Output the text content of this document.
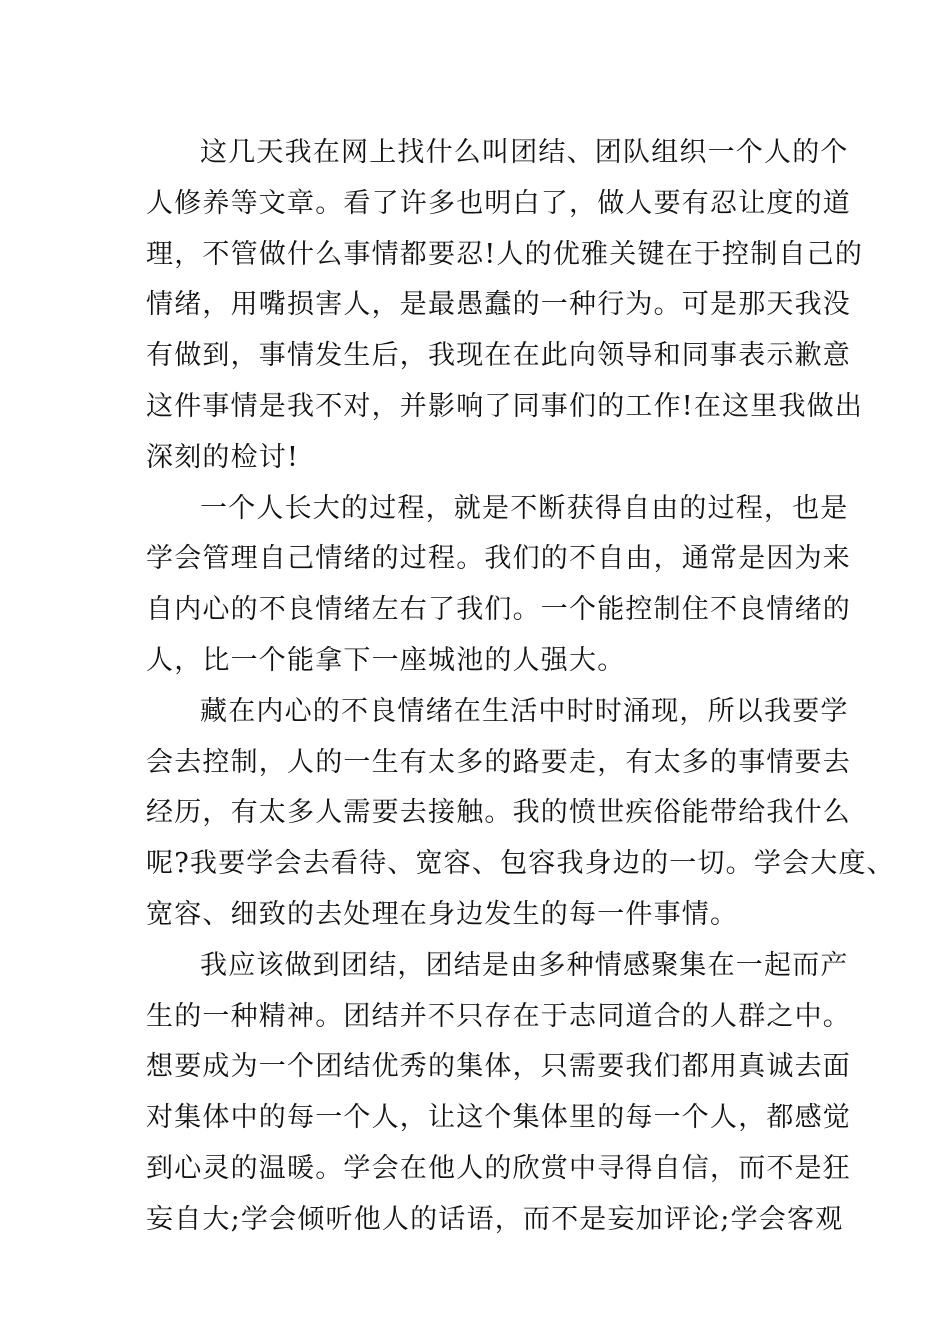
这几天我在网上找什么叫团结、团队组织一个人的个
人修养等文章。看了许多也明白了，做人要有忍让度的道
理，不管做什么事情都要忍!人的优雅关键在于控制自己的
情绪，用嘴损害人，是最愚蠢的一种行为。可是那天我没
有做到，事情发生后，我现在在此向领导和同事表示歉意
这件事情是我不对，并影响了同事们的工作!在这里我做出
深刻的检讨!
一个人长大的过程，就是不断获得自由的过程，也是
学会管理自己情绪的过程。我们的不自由，通常是因为来
自内心的不良情绪左右了我们。一个能控制住不良情绪的
人，比一个能拿下一座城池的人强大。
藏在内心的不良情绪在生活中时时涌现，所以我要学
会去控制，人的一生有太多的路要走，有太多的事情要去
经历，有太多人需要去接触。我的愤世疾俗能带给我什么
呢?我要学会去看待、宽容、包容我身边的一切。学会大度、
宽容、细致的去处理在身边发生的每一件事情。
我应该做到团结，团结是由多种情感聚集在一起而产
生的一种精神。团结并不只存在于志同道合的人群之中。
想要成为一个团结优秀的集体，只需要我们都用真诚去面
对集体中的每一个人，让这个集体里的每一个人，都感觉
到心灵的温暖。学会在他人的欣赏中寻得自信，而不是狂
妄自大;学会倾听他人的话语，而不是妄加评论;学会客观
